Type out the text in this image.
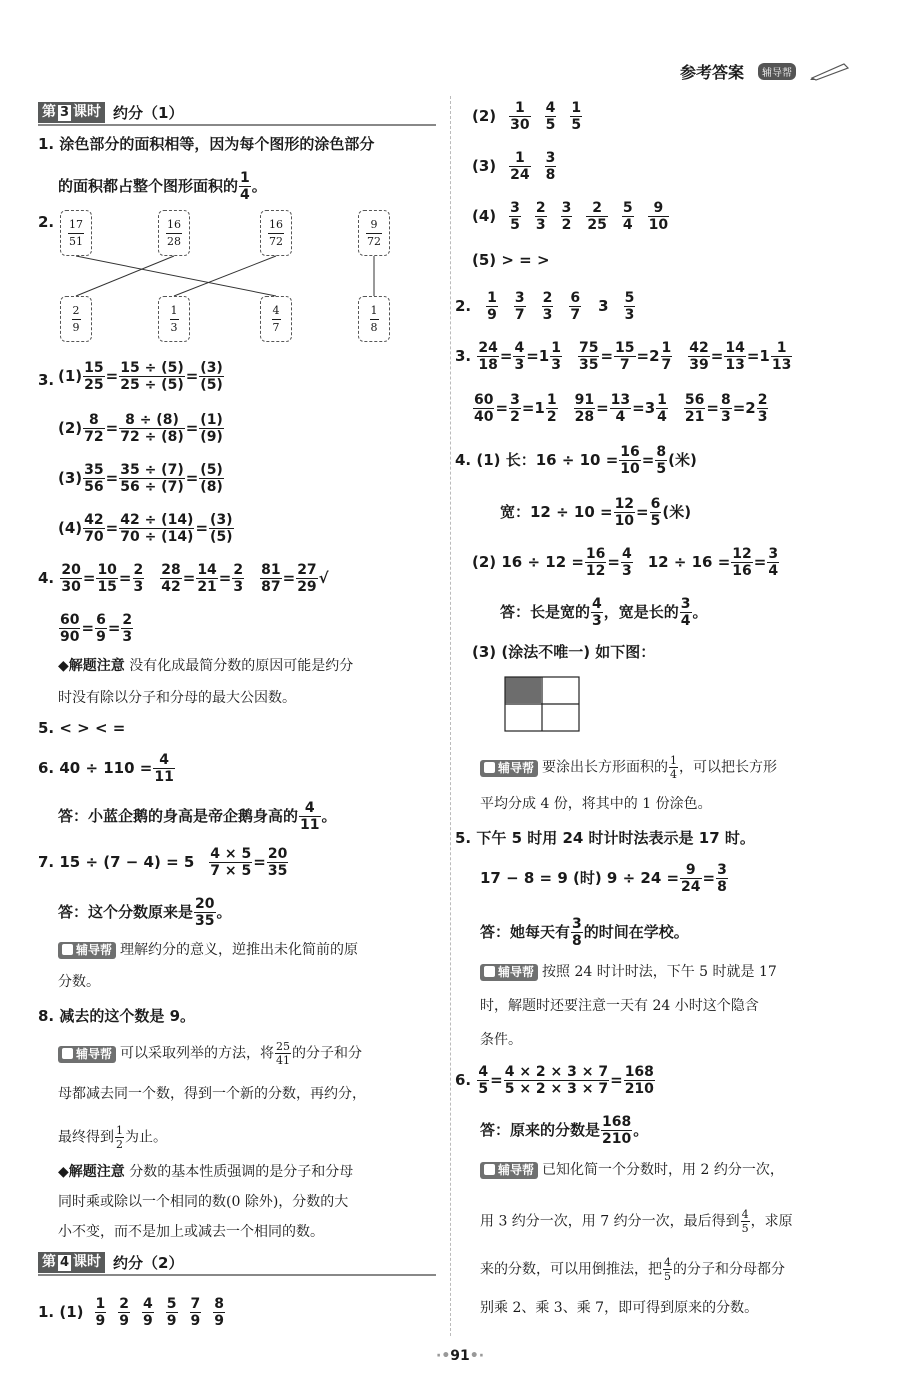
参考答案	辅导帮
第 3 课时 约分（1）
1. 涂色部分的面积相等，因为每个图形的涂色部分
的面积都占整个图形面积的 $\frac{1}{4}$ 。
2. $\frac{17}{51}$	$\frac{16}{28}$	$\frac{16}{72}$	$\frac{9}{72}$
$\frac{2}{9}$	$\frac{1}{3}$	$\frac{4}{7}$	$\frac{1}{8}$
3. $(1) \frac{15}{25} = \frac{15 \div (5)}{25 \div (5)} = \frac{(3)}{(5)}$
$(2) \frac{8}{72} = \frac{8 \div (8)}{72 \div (8)} = \frac{(1)}{(9)}$
$(3) \frac{35}{56} = \frac{35 \div (7)}{56 \div (7)} = \frac{(5)}{(8)}$
$(4) \frac{42}{70} = \frac{42 \div (14)}{70 \div (14)} = \frac{(3)}{(5)}$
4. $\frac{20}{30} = \frac{10}{15} = \frac{2}{3} \frac{28}{42} = \frac{14}{21} = \frac{2}{3} \frac{81}{87} = \frac{27}{29}$ √
$\frac{60}{90} = \frac{6}{9} = \frac{2}{3}$
◆解题注意 没有化成最简分数的原因可能是约分
时没有除以分子和分母的最大公因数。
5. < > < =
6. $40 \div 110 = \frac{4}{11}$
答：小蓝企鹅的身高是帝企鹅身高的 $\frac{4}{11}$ 。
7. $15 \div (7 - 4) = 5 \frac{4 \times 5}{7 \times 5} = \frac{20}{35}$
答：这个分数原来是 $\frac{20}{35}$ 。
辅导帮 理解约分的意义，逆推出未化简前的原
分数。
8. 减去的这个数是 9。
辅导帮 可以采取列举的方法，将 $\frac{25}{41}$ 的分子和分
母都减去同一个数，得到一个新的分数，再约分，
最终得到 $\frac{1}{2}$ 为止。
◆解题注意 分数的基本性质强调的是分子和分母
同时乘或除以一个相同的数(0 除外)，分数的大
小不变，而不是加上或减去一个相同的数。
第 4 课时 约分（2）
1. $(1) \frac{1}{9} \frac{2}{9} \frac{4}{9} \frac{5}{9} \frac{7}{9} \frac{8}{9}$
$(2) \frac{1}{30} \frac{4}{5} \frac{1}{5}$
$(3) \frac{1}{24} \frac{3}{8}$
$(4) \frac{3}{5} \frac{2}{3} \frac{3}{2} \frac{2}{25} \frac{5}{4} \frac{9}{10}$
(5) > = >
2. $\frac{1}{9} \frac{3}{7} \frac{2}{3} \frac{6}{7} 3 \frac{5}{3}$
3. $\frac{24}{18} = \frac{4}{3} =1 \frac{1}{3} \frac{75}{35} = \frac{15}{7} =2 \frac{1}{7} \frac{42}{39} = \frac{14}{13} =1 \frac{1}{13}$
$\frac{60}{40} = \frac{3}{2} =1 \frac{1}{2} \frac{91}{28} = \frac{13}{4} =3 \frac{1}{4} \frac{56}{21} = \frac{8}{3} =2 \frac{2}{3}$
4. (1) 长：$16 \div 10 = \frac{16}{10} = \frac{8}{5}$ (米)
宽：$12 \div 10 = \frac{12}{10} = \frac{6}{5}$ (米)
(2) $16 \div 12 = \frac{16}{12} = \frac{4}{3} 12 \div 16 = \frac{12}{16} = \frac{3}{4}$
答：长是宽的 $\frac{4}{3}$ ，宽是长的 $\frac{3}{4}$ 。
(3) (涂法不唯一) 如下图：
辅导帮 要涂出长方形面积的 $\frac{1}{4}$ ，可以把长方形
平均分成 4 份，将其中的 1 份涂色。
5. 下午 5 时用 24 时计时法表示是 17 时。
17 − 8 = 9 (时) $9 \div 24 = \frac{9}{24} = \frac{3}{8}$
答：她每天有 $\frac{3}{8}$ 的时间在学校。
辅导帮 按照 24 时计时法，下午 5 时就是 17
时，解题时还要注意一天有 24 小时这个隐含
条件。
6. $\frac{4}{5} = \frac{4 \times 2 \times 3 \times 7}{5 \times 2 \times 3 \times 7} = \frac{168}{210}$
答：原来的分数是 $\frac{168}{210}$ 。
辅导帮 已知化简一个分数时，用 2 约分一次，
用 3 约分一次，用 7 约分一次，最后得到 $\frac{4}{5}$ ，求原
来的分数，可以用倒推法，把 $\frac{4}{5}$ 的分子和分母都分
别乘 2、乘 3、乘 7，即可得到原来的分数。
·•91•·
